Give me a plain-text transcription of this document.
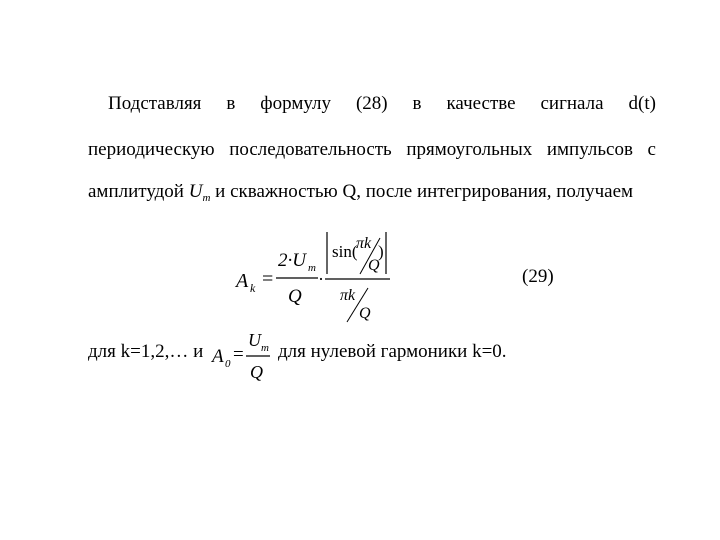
Подставляя в формулу (28) в качестве сигнала d(t)
периодическую последовательность прямоугольных импульсов с
амплитудой $U_m$ и скважностью Q, после интегрирования, получаем
A k =
2·U m
Q
·
sin(
πk
Q
)
πk
Q
(29)
для k=1,2,… и A 0 =
U m
Q
для нулевой гармоники k=0.
